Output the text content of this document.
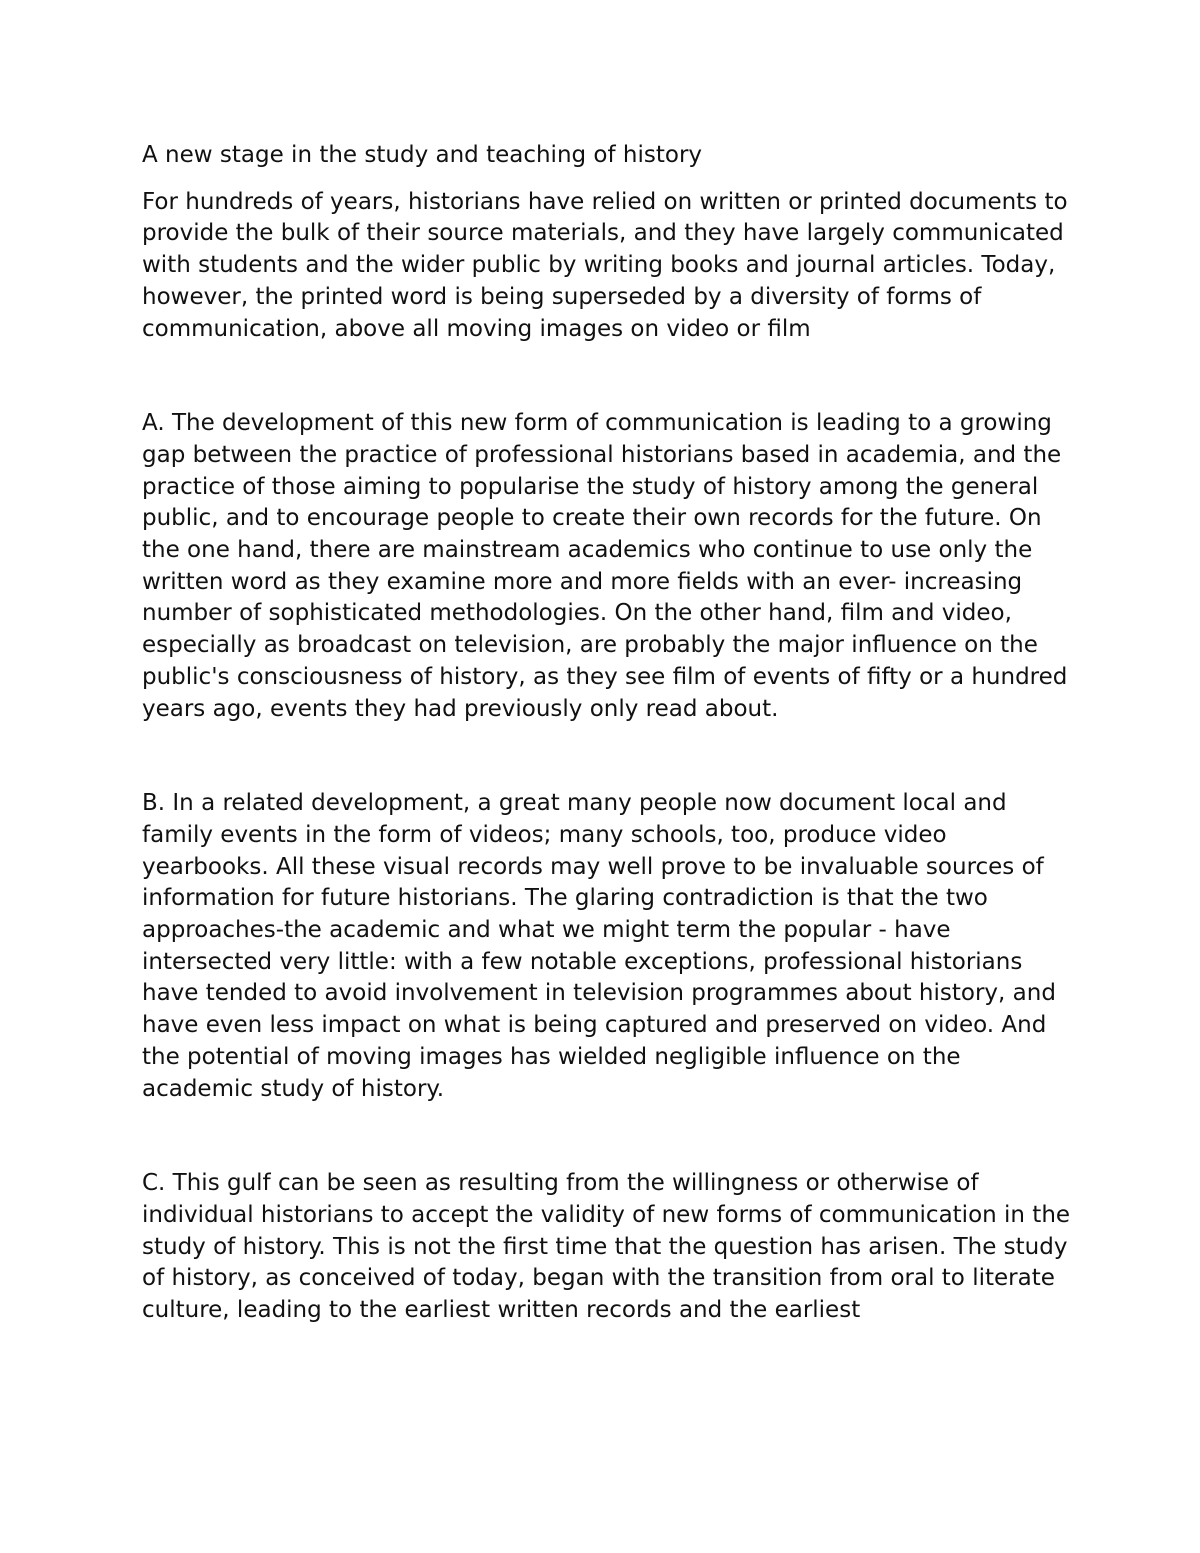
A new stage in the study and teaching of history

For hundreds of years, historians have relied on written or printed documents to provide the bulk of their source materials, and they have largely communicated with students and the wider public by writing books and journal articles. Today, however, the printed word is being superseded by a diversity of forms of communication, above all moving images on video or film

A. The development of this new form of communication is leading to a growing gap between the practice of professional historians based in academia, and the practice of those aiming to popularise the study of history among the general public, and to encourage people to create their own records for the future. On the one hand, there are mainstream academics who continue to use only the written word as they examine more and more fields with an ever- increasing number of sophisticated methodologies. On the other hand, film and video, especially as broadcast on television, are probably the major influence on the public's consciousness of history, as they see film of events of fifty or a hundred years ago, events they had previously only read about.

B. In a related development, a great many people now document local and family events in the form of videos; many schools, too, produce video yearbooks. All these visual records may well prove to be invaluable sources of information for future historians. The glaring contradiction is that the two approaches-the academic and what we might term the popular - have intersected very little: with a few notable exceptions, professional historians have tended to avoid involvement in television programmes about history, and have even less impact on what is being captured and preserved on video. And the potential of moving images has wielded negligible influence on the academic study of history.

C. This gulf can be seen as resulting from the willingness or otherwise of individual historians to accept the validity of new forms of communication in the study of history. This is not the first time that the question has arisen. The study of history, as conceived of today, began with the transition from oral to literate culture, leading to the earliest written records and the earliest
